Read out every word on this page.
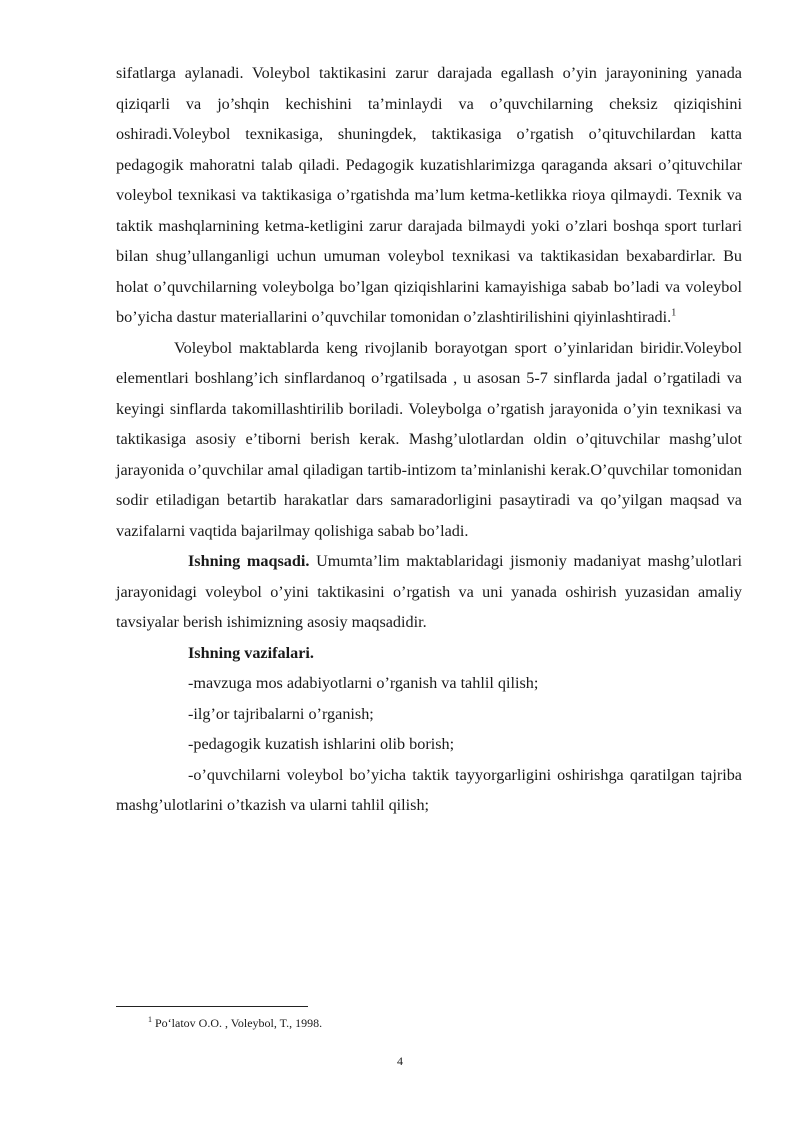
sifatlarga aylanadi. Voleybol taktikasini zarur darajada egallash o’yin jarayonining yanada qiziqarli va jo’shqin kechishini ta’minlaydi va o’quvchilarning cheksiz qiziqishini oshiradi.Voleybol texnikasiga, shuningdek, taktikasiga o’rgatish o’qituvchilardan katta pedagogik mahoratni talab qiladi. Pedagogik kuzatishlarimizga qaraganda aksari o’qituvchilar voleybol texnikasi va taktikasiga o’rgatishda ma’lum ketma-ketlikka rioya qilmaydi. Texnik va taktik mashqlarnining ketma-ketligini zarur darajada bilmaydi yoki o’zlari boshqa sport turlari bilan shug’ullanganligi uchun umuman voleybol texnikasi va taktikasidan bexabardirlar. Bu holat o’quvchilarning voleybolga bo’lgan qiziqishlarini kamayishiga sabab bo’ladi va voleybol bo’yicha dastur materiallarini o’quvchilar tomonidan o’zlashtirilishini qiyinlashtiradi.$^1$

Voleybol maktablarda keng rivojlanib borayotgan sport o’yinlaridan biridir.Voleybol elementlari boshlang’ich sinflardanoq o’rgatilsada , u asosan 5-7 sinflarda jadal o’rgatiladi va keyingi sinflarda takomillashtirilib boriladi. Voleybolga o’rgatish jarayonida o’yin texnikasi va taktikasiga asosiy e’tiborni berish kerak. Mashg’ulotlardan oldin o’qituvchilar mashg’ulot jarayonida o’quvchilar amal qiladigan tartib-intizom ta’minlanishi kerak.O’quvchilar tomonidan sodir etiladigan betartib harakatlar dars samaradorligini pasaytiradi va qo’yilgan maqsad va vazifalarni vaqtida bajarilmay qolishiga sabab bo’ladi.

Ishning maqsadi. Umumta’lim maktablaridagi jismoniy madaniyat mashg’ulotlari jarayonidagi voleybol o’yini taktikasini o’rgatish va uni yanada oshirish yuzasidan amaliy tavsiyalar berish ishimizning asosiy maqsadidir.

Ishning vazifalari.

-mavzuga mos adabiyotlarni o’rganish va tahlil qilish;

-ilg’or tajribalarni o’rganish;

-pedagogik kuzatish ishlarini olib borish;

-o’quvchilarni voleybol bo’yicha taktik tayyorgarligini oshirishga qaratilgan tajriba mashg’ulotlarini o’tkazish va ularni tahlil qilish;

$^1$ Po‘latov O.O. , Voleybol, T., 1998.
4
